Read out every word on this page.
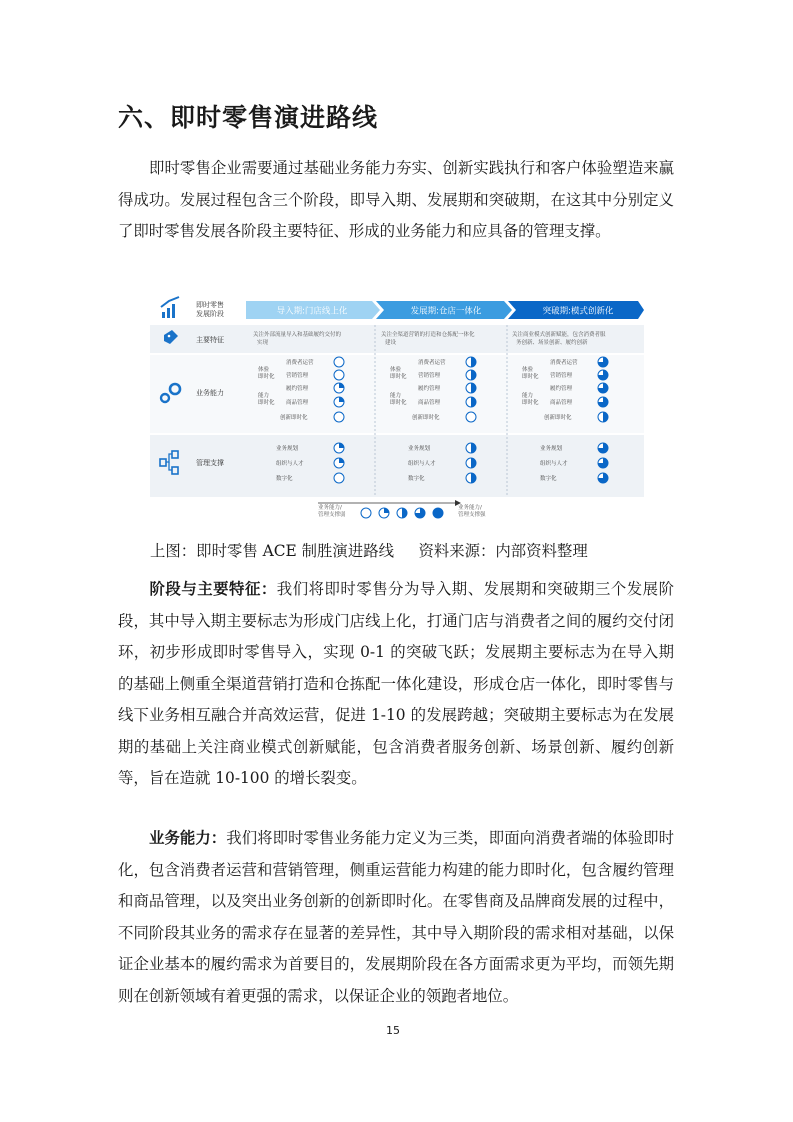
六、即时零售演进路线

即时零售企业需要通过基础业务能力夯实、创新实践执行和客户体验塑造来赢得成功。发展过程包含三个阶段，即导入期、发展期和突破期，在这其中分别定义了即时零售发展各阶段主要特征、形成的业务能力和应具备的管理支撑。

导入期:门店线上化	发展期:仓店一体化	突破期:模式创新化
即时零售
发展阶段
主要特征
关注外部流量导入和基础履约交付的
实现
关注全渠道营销的打造和仓拣配一体化
建设
关注商业模式创新赋能，包含消费者服
务创新、场景创新、履约创新
业务能力
管理支撑
体验
即时化
能力
即时化
消费者运营
营销管理
履约管理
商品管理
创新即时化
体验
即时化
能力
即时化
消费者运营
营销管理
履约管理
商品管理
创新即时化
体验
即时化
能力
即时化
消费者运营
营销管理
履约管理
商品管理
创新即时化
业务规划
组织与人才
数字化
业务规划
组织与人才
数字化
业务规划
组织与人才
数字化
业务能力/
管理支撑弱
业务能力/
管理支撑强

上图：即时零售 ACE 制胜演进路线     资料来源：内部资料整理

阶段与主要特征：我们将即时零售分为导入期、发展期和突破期三个发展阶段，其中导入期主要标志为形成门店线上化，打通门店与消费者之间的履约交付闭环，初步形成即时零售导入，实现 0-1 的突破飞跃；发展期主要标志为在导入期的基础上侧重全渠道营销打造和仓拣配一体化建设，形成仓店一体化，即时零售与线下业务相互融合并高效运营，促进 1-10 的发展跨越；突破期主要标志为在发展期的基础上关注商业模式创新赋能，包含消费者服务创新、场景创新、履约创新等，旨在造就 10-100 的增长裂变。

业务能力：我们将即时零售业务能力定义为三类，即面向消费者端的体验即时化，包含消费者运营和营销管理，侧重运营能力构建的能力即时化，包含履约管理和商品管理，以及突出业务创新的创新即时化。在零售商及品牌商发展的过程中，不同阶段其业务的需求存在显著的差异性，其中导入期阶段的需求相对基础，以保证企业基本的履约需求为首要目的，发展期阶段在各方面需求更为平均，而领先期则在创新领域有着更强的需求，以保证企业的领跑者地位。

15
